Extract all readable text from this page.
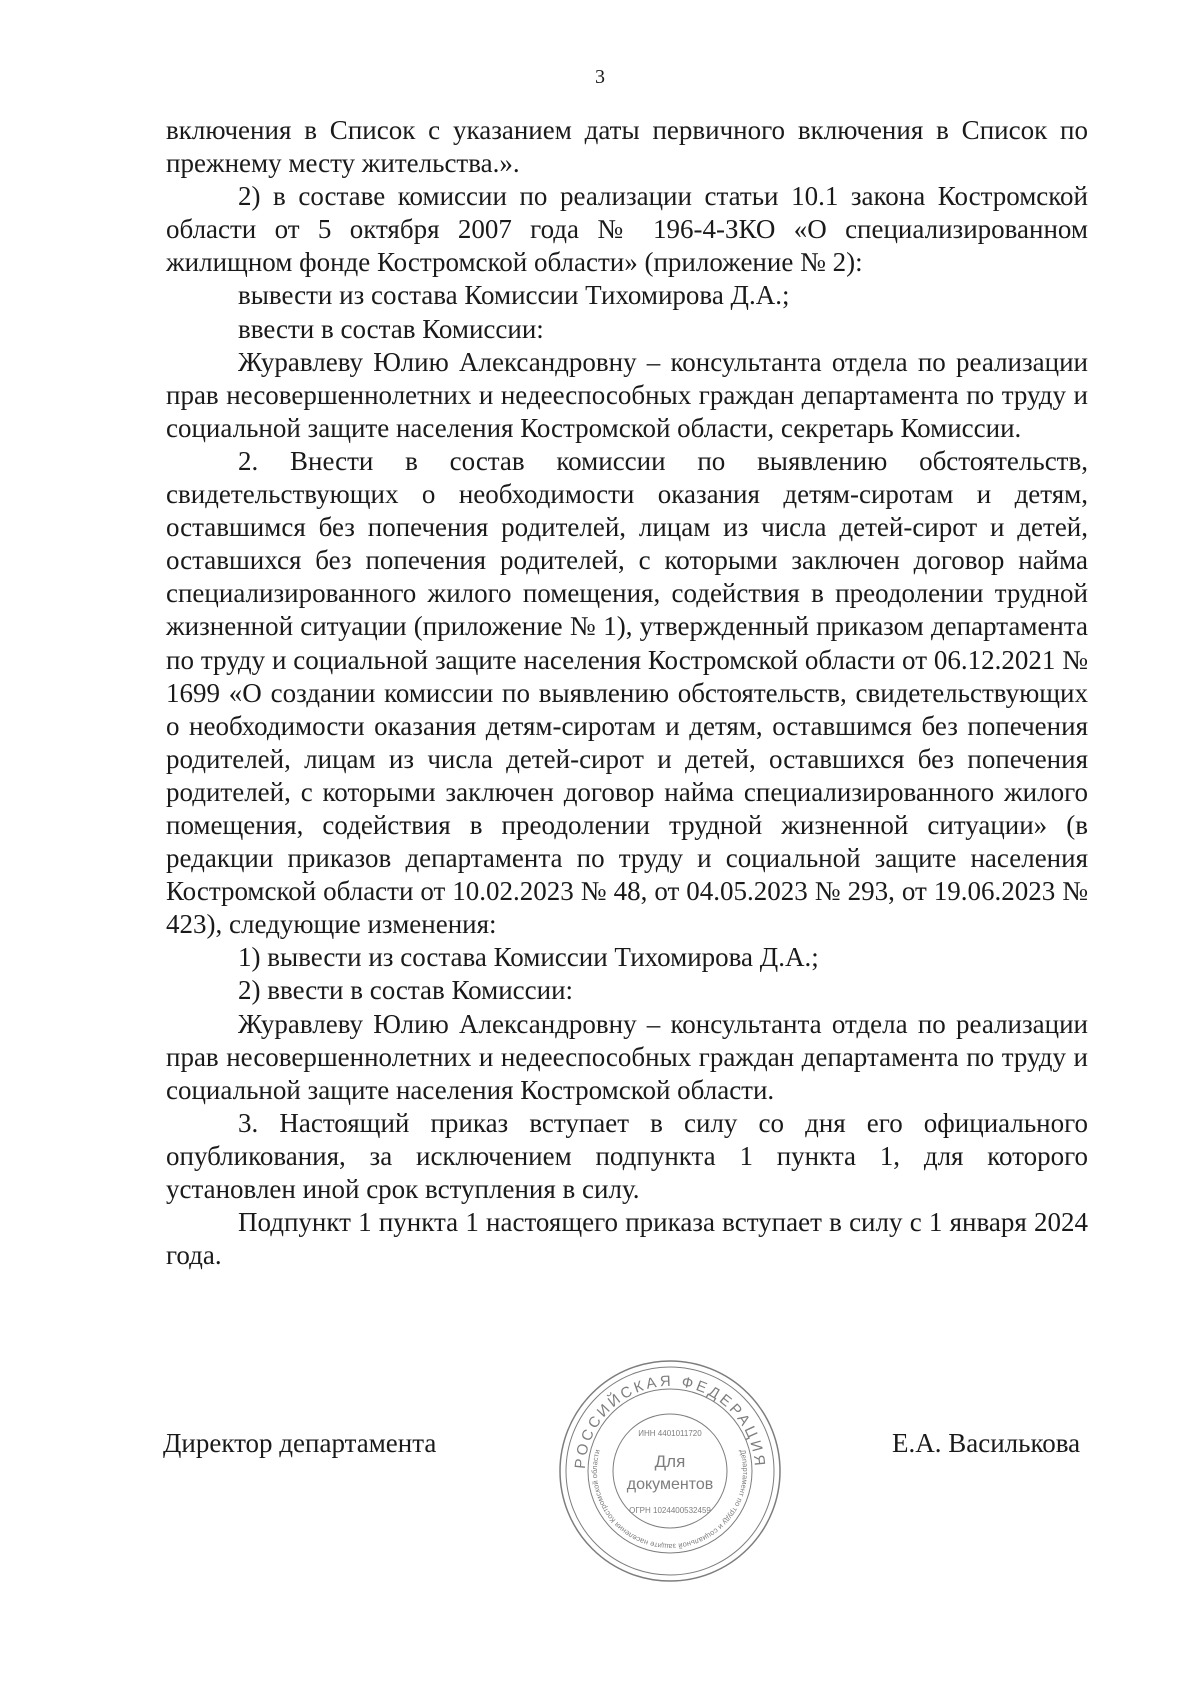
3

включения в Список с указанием даты первичного включения в Список по прежнему месту жительства.».

2) в составе комиссии по реализации статьи 10.1 закона Костромской области от 5 октября 2007 года № 196-4-ЗКО «О специализированном жилищном фонде Костромской области» (приложение № 2):

вывести из состава Комиссии Тихомирова Д.А.;

ввести в состав Комиссии:

Журавлеву Юлию Александровну – консультанта отдела по реализации прав несовершеннолетних и недееспособных граждан департамента по труду и социальной защите населения Костромской области, секретарь Комиссии.

2. Внести в состав комиссии по выявлению обстоятельств, свидетельствующих о необходимости оказания детям-сиротам и детям, оставшимся без попечения родителей, лицам из числа детей-сирот и детей, оставшихся без попечения родителей, с которыми заключен договор найма специализированного жилого помещения, содействия в преодолении трудной жизненной ситуации (приложение № 1), утвержденный приказом департамента по труду и социальной защите населения Костромской области от 06.12.2021 № 1699 «О создании комиссии по выявлению обстоятельств, свидетельствующих о необходимости оказания детям-сиротам и детям, оставшимся без попечения родителей, лицам из числа детей-сирот и детей, оставшихся без попечения родителей, с которыми заключен договор найма специализированного жилого помещения, содействия в преодолении трудной жизненной ситуации» (в редакции приказов департамента по труду и социальной защите населения Костромской области от 10.02.2023 № 48, от 04.05.2023 № 293, от 19.06.2023 № 423), следующие изменения:

1) вывести из состава Комиссии Тихомирова Д.А.;

2) ввести в состав Комиссии:

Журавлеву Юлию Александровну – консультанта отдела по реализации прав несовершеннолетних и недееспособных граждан департамента по труду и социальной защите населения Костромской области.

3. Настоящий приказ вступает в силу со дня его официального опубликования, за исключением подпункта 1 пункта 1, для которого установлен иной срок вступления в силу.

Подпункт 1 пункта 1 настоящего приказа вступает в силу с 1 января 2024 года.

Директор департамента	Е.А. Василькова
РОССИЙСКАЯ ФЕДЕРАЦИЯ
Департамент по труду и социальной защите населения Костромской области
ИНН 4401011720
ОГРН 1024400532459
Для
документов
